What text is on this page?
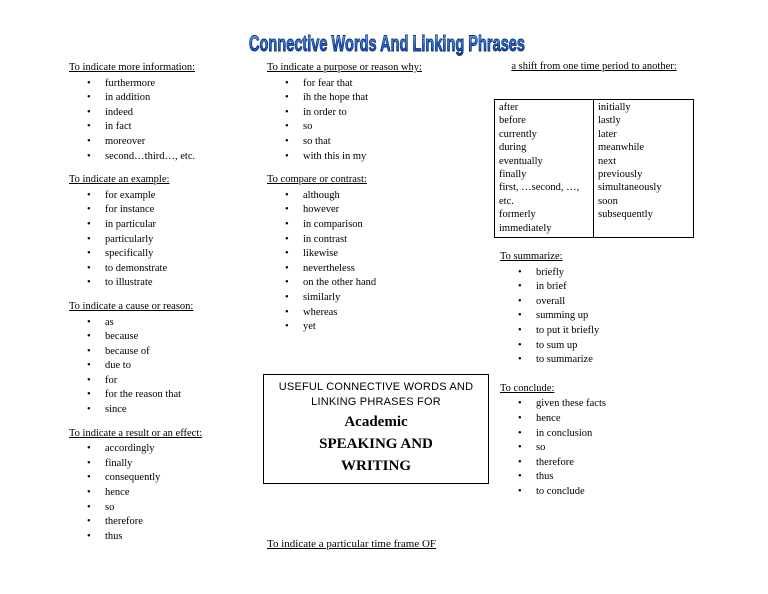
Connective Words And Linking Phrases
To indicate more information:
• furthermore
• in addition
• indeed
• in fact
• moreover
• second…third…, etc.
To indicate an example:
• for example
• for instance
• in particular
• particularly
• specifically
• to demonstrate
• to illustrate
To indicate a cause or reason:
• as
• because
• because of
• due to
• for
• for the reason that
• since
To indicate a result or an effect:
• accordingly
• finally
• consequently
• hence
• so
• therefore
• thus
To indicate a purpose or reason why:
• for fear that
• ih the hope that
• in order to
• so
• so that
• with this in my
To compare or contrast:
• although
• however
• in comparison
• in contrast
• likewise
• nevertheless
• on the other hand
• similarly
• whereas
• yet
a shift from one time period to another:
after
before
currently
during
eventually
finally
first, …second, …, etc.
formerly
immediately
initially
lastly
later
meanwhile
next
previously
simultaneously
soon
subsequently
To summarize:
• briefly
• in brief
• overall
• summing up
• to put it briefly
• to sum up
• to summarize
To conclude:
• given these facts
• hence
• in conclusion
• so
• therefore
• thus
• to conclude
USEFUL CONNECTIVE WORDS AND LINKING PHRASES FOR
Academic
SPEAKING AND
WRITING
To indicate a particular time frame OF
